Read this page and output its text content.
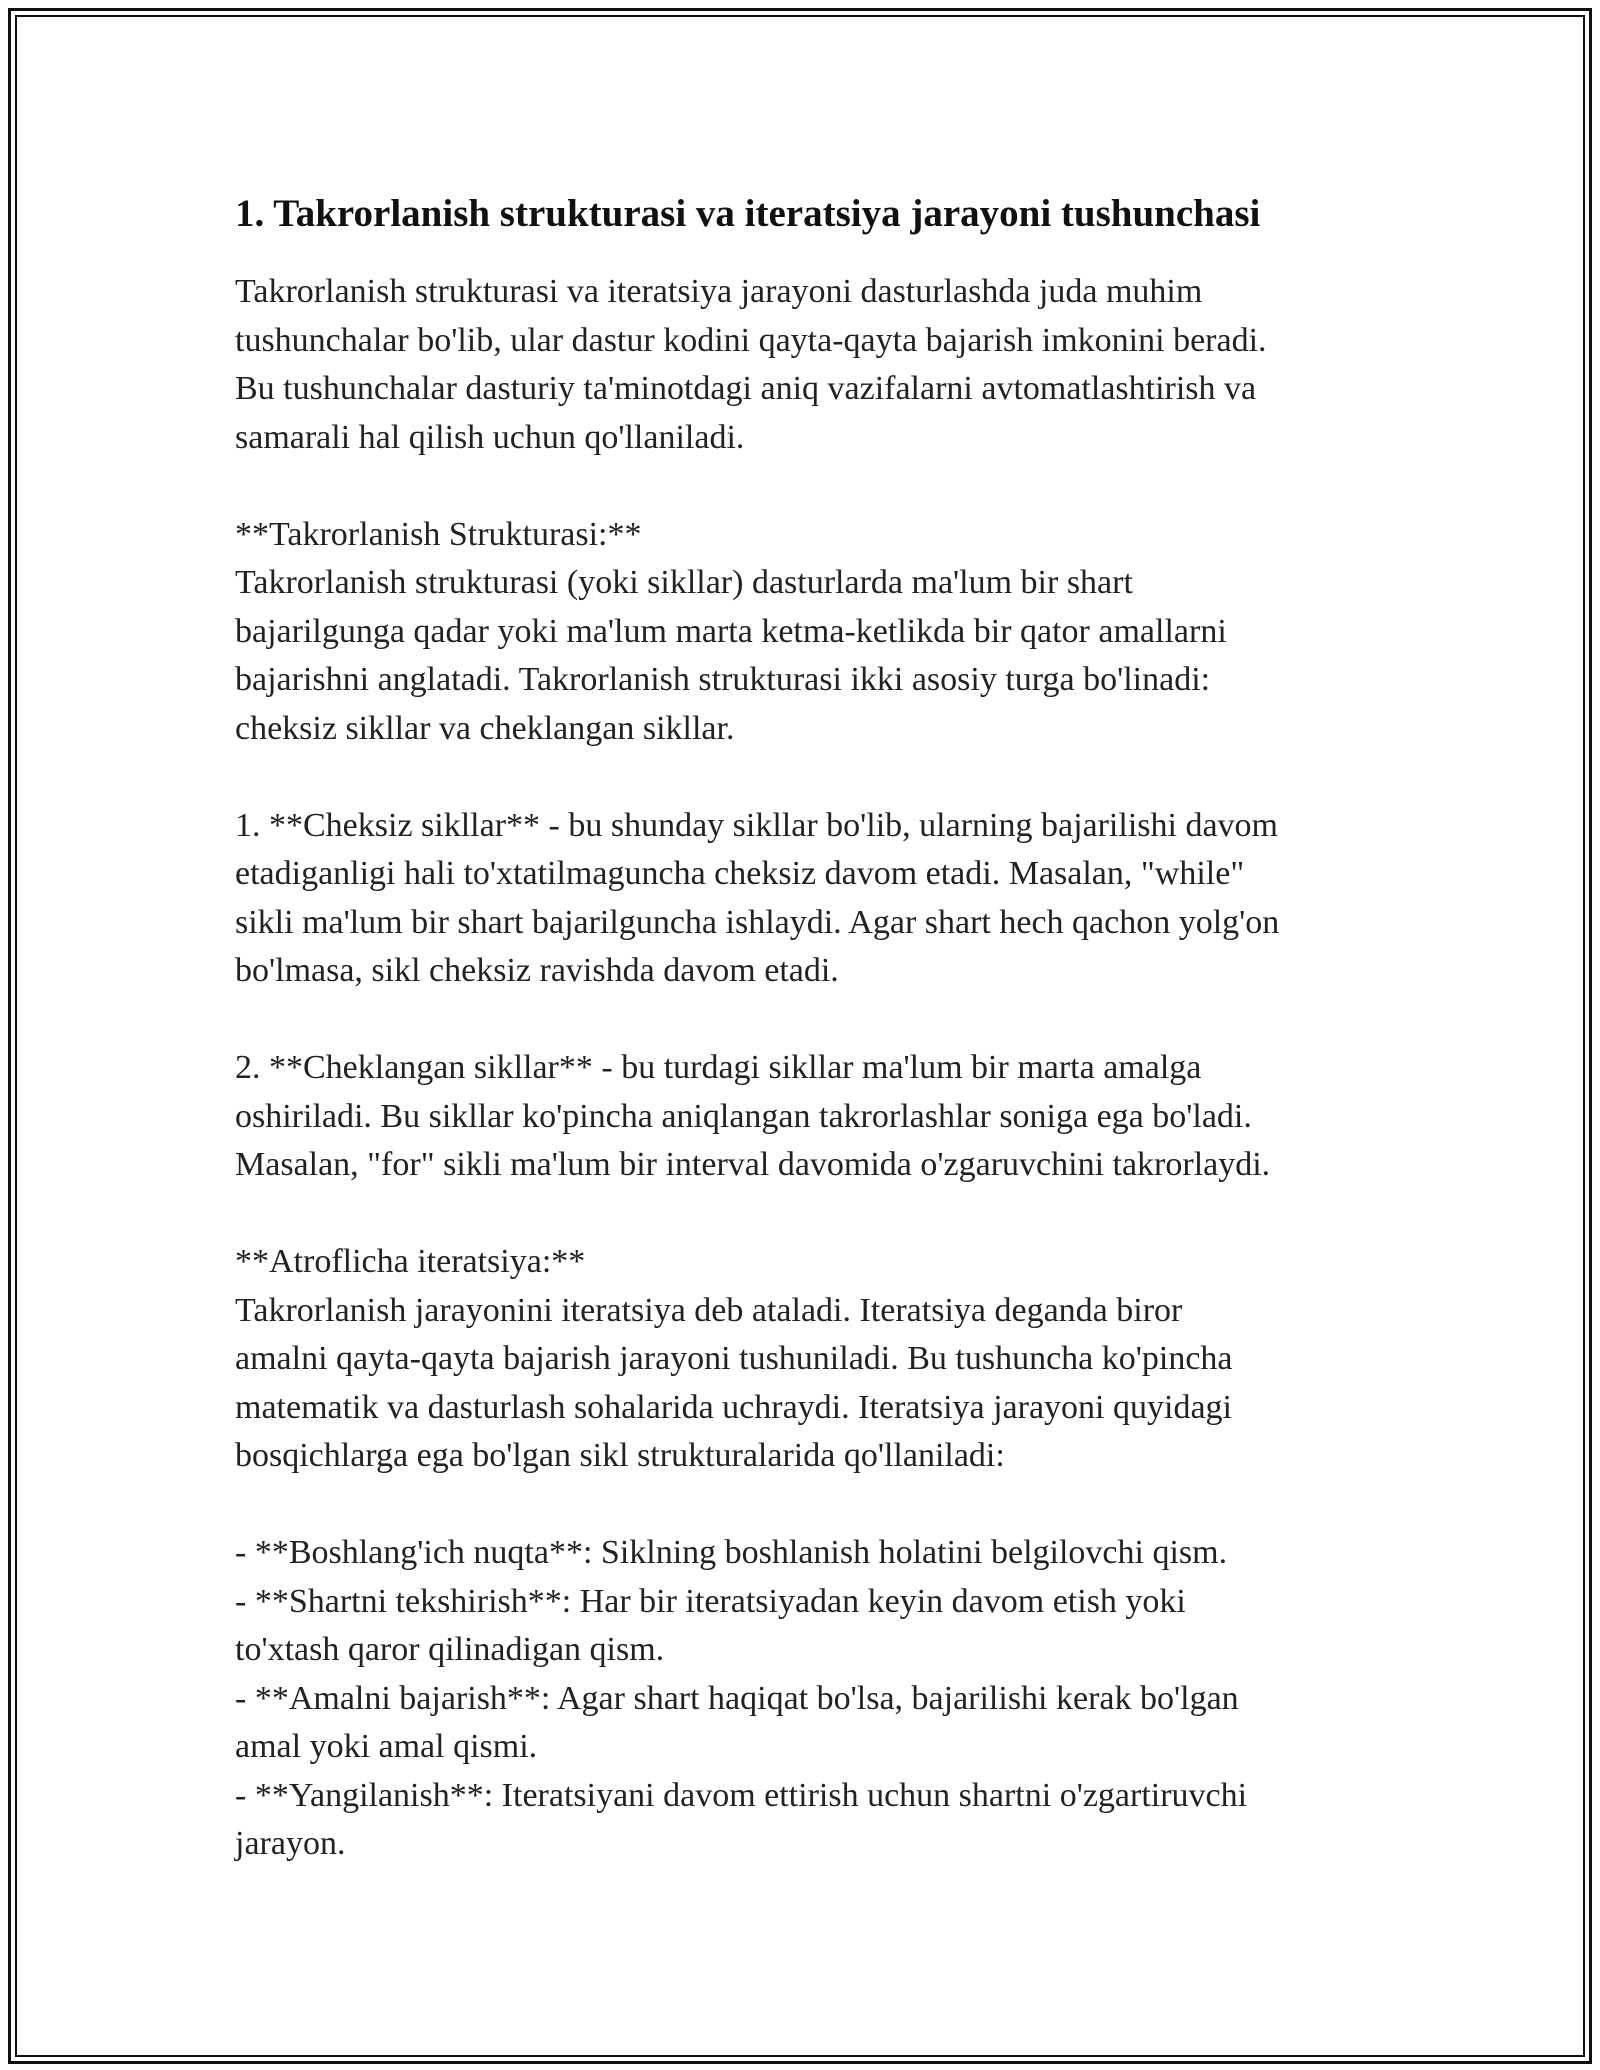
1. Takrorlanish strukturasi va iteratsiya jarayoni tushunchasi

Takrorlanish strukturasi va iteratsiya jarayoni dasturlashda juda muhim
tushunchalar bo'lib, ular dastur kodini qayta-qayta bajarish imkonini beradi.
Bu tushunchalar dasturiy ta'minotdagi aniq vazifalarni avtomatlashtirish va
samarali hal qilish uchun qo'llaniladi.

**Takrorlanish Strukturasi:**
Takrorlanish strukturasi (yoki sikllar) dasturlarda ma'lum bir shart
bajarilgunga qadar yoki ma'lum marta ketma-ketlikda bir qator amallarni
bajarishni anglatadi. Takrorlanish strukturasi ikki asosiy turga bo'linadi:
cheksiz sikllar va cheklangan sikllar.

1. **Cheksiz sikllar** - bu shunday sikllar bo'lib, ularning bajarilishi davom
etadiganligi hali to'xtatilmaguncha cheksiz davom etadi. Masalan, "while"
sikli ma'lum bir shart bajarilguncha ishlaydi. Agar shart hech qachon yolg'on
bo'lmasa, sikl cheksiz ravishda davom etadi.

2. **Cheklangan sikllar** - bu turdagi sikllar ma'lum bir marta amalga
oshiriladi. Bu sikllar ko'pincha aniqlangan takrorlashlar soniga ega bo'ladi.
Masalan, "for" sikli ma'lum bir interval davomida o'zgaruvchini takrorlaydi.

**Atroflicha iteratsiya:**
Takrorlanish jarayonini iteratsiya deb ataladi. Iteratsiya deganda biror
amalni qayta-qayta bajarish jarayoni tushuniladi. Bu tushuncha ko'pincha
matematik va dasturlash sohalarida uchraydi. Iteratsiya jarayoni quyidagi
bosqichlarga ega bo'lgan sikl strukturalarida qo'llaniladi:

- **Boshlang'ich nuqta**: Siklning boshlanish holatini belgilovchi qism.
- **Shartni tekshirish**: Har bir iteratsiyadan keyin davom etish yoki
to'xtash qaror qilinadigan qism.
- **Amalni bajarish**: Agar shart haqiqat bo'lsa, bajarilishi kerak bo'lgan
amal yoki amal qismi.
- **Yangilanish**: Iteratsiyani davom ettirish uchun shartni o'zgartiruvchi
jarayon.
